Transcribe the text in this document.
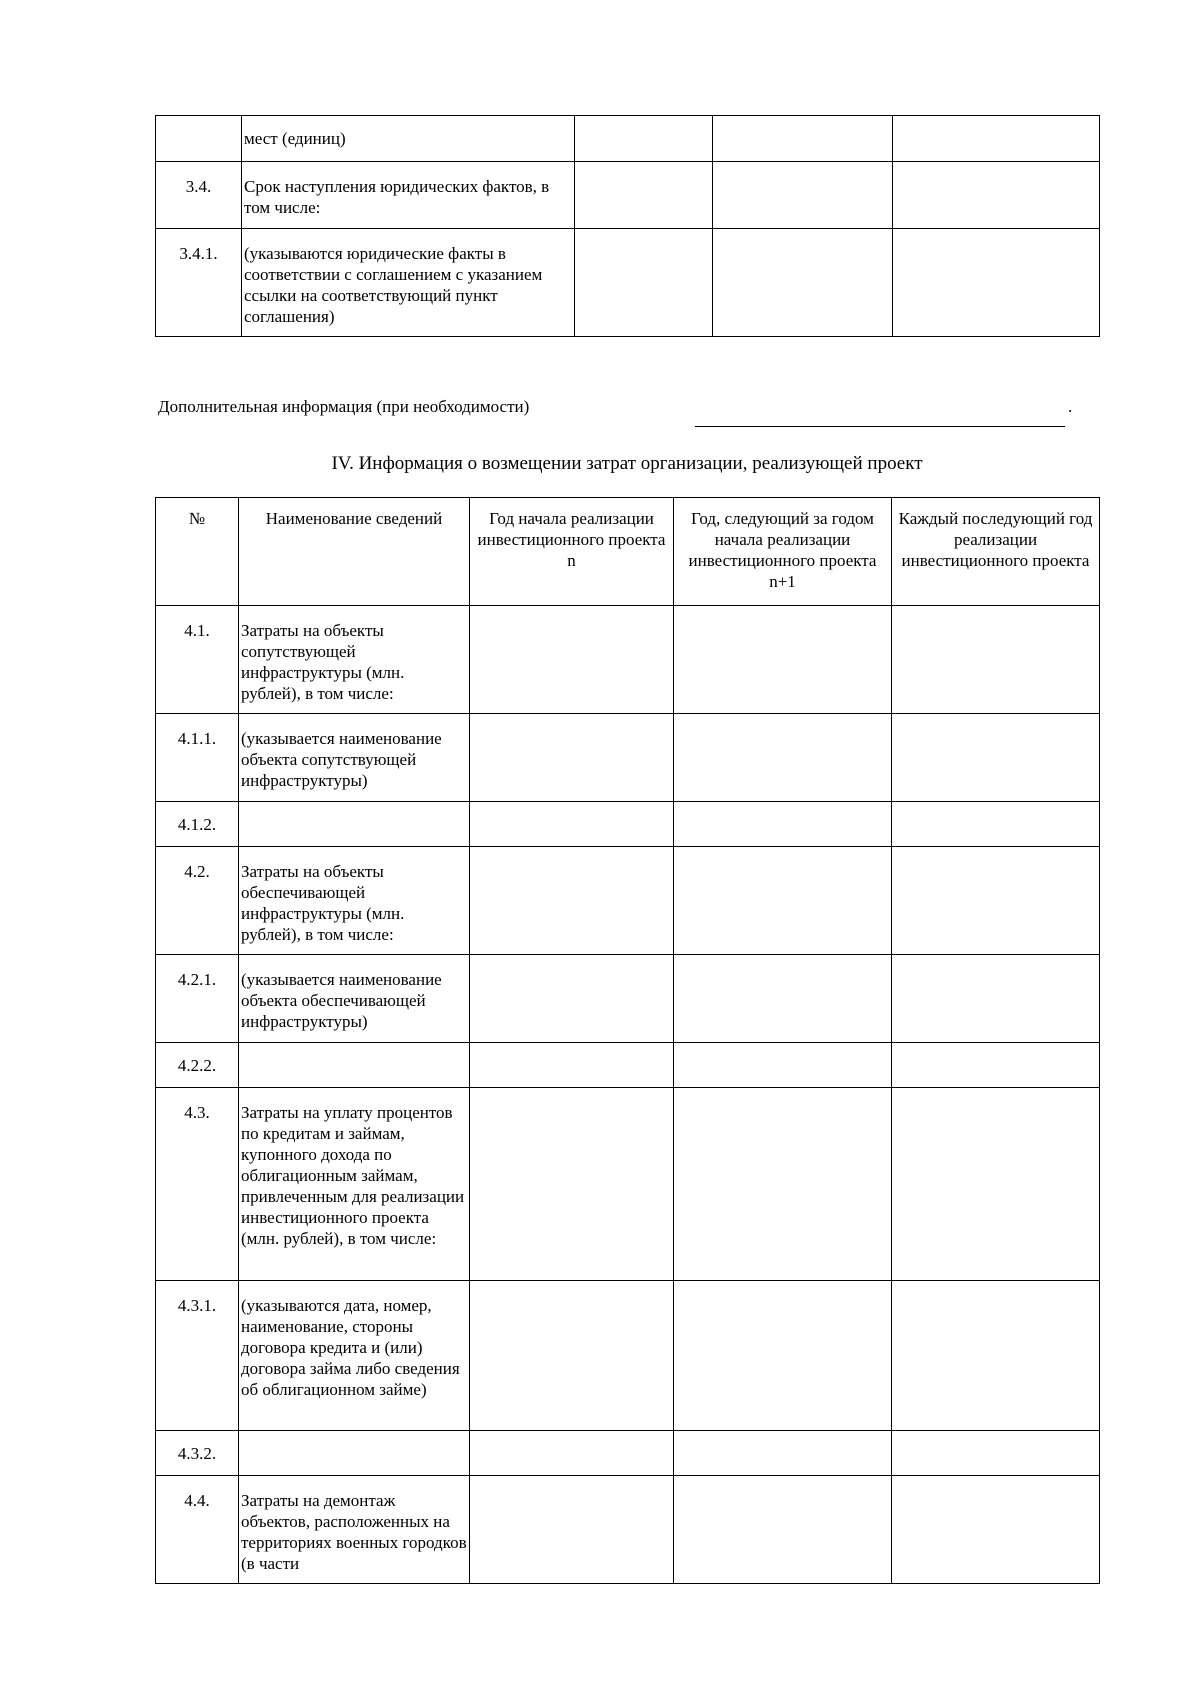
	мест (единиц)			
3.4.	Срок наступления юридических фактов, в том числе:			
3.4.1.	(указываются юридические факты в соответствии с соглашением с указанием ссылки на соответствующий пункт соглашения)			
Дополнительная информация (при необходимости)	.
IV. Информация о возмещении затрат организации, реализующей проект
№	Наименование сведений	Год начала реализации инвестиционного проекта n	Год, следующий за годом начала реализации инвестиционного проекта n+1	Каждый последующий год реализации инвестиционного проекта
4.1.	Затраты на объекты сопутствующей инфраструктуры (млн. рублей), в том числе:			
4.1.1.	(указывается наименование объекта сопутствующей инфраструктуры)			
4.1.2.				
4.2.	Затраты на объекты обеспечивающей инфраструктуры (млн. рублей), в том числе:			
4.2.1.	(указывается наименование объекта обеспечивающей инфраструктуры)			
4.2.2.				
4.3.	Затраты на уплату процентов по кредитам и займам, купонного дохода по облигационным займам, привлеченным для реализации инвестиционного проекта (млн. рублей), в том числе:			
4.3.1.	(указываются дата, номер, наименование, стороны договора кредита и (или) договора займа либо сведения об облигационном займе)			
4.3.2.				
4.4.	Затраты на демонтаж объектов, расположенных на территориях военных городков (в части			
